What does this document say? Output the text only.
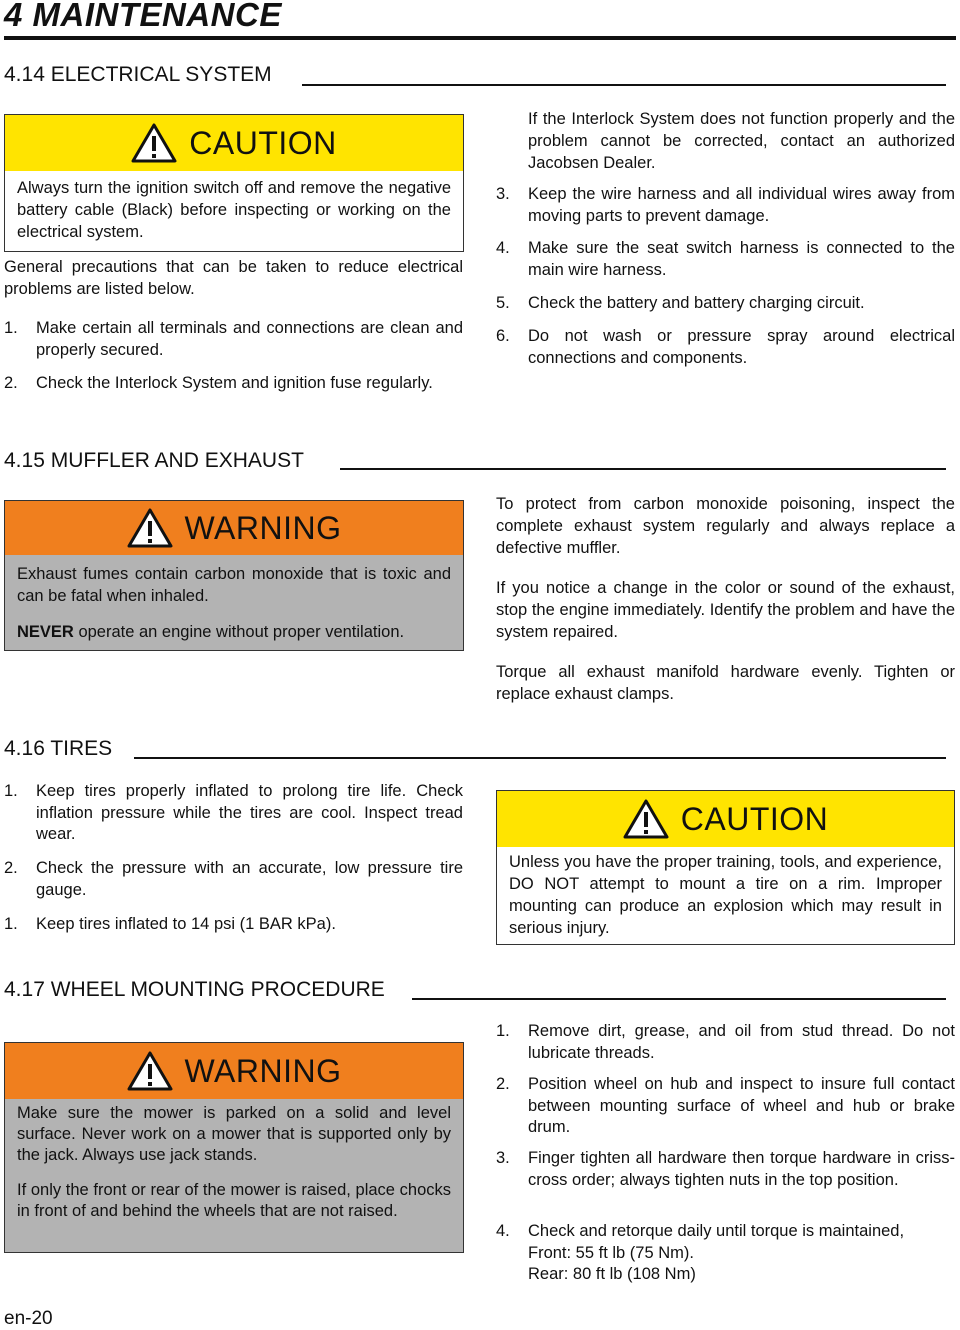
4 MAINTENANCE
4.14 ELECTRICAL SYSTEM
CAUTION
Always turn the ignition switch off and remove the negative battery cable (Black) before inspecting or working on the electrical system.
General precautions that can be taken to reduce electrical problems are listed below.
1. Make certain all terminals and connections are clean and properly secured.
2. Check the Interlock System and ignition fuse regularly.
If the Interlock System does not function properly and the problem cannot be corrected, contact an authorized Jacobsen Dealer.
3. Keep the wire harness and all individual wires away from moving parts to prevent damage.
4. Make sure the seat switch harness is connected to the main wire harness.
5. Check the battery and battery charging circuit.
6. Do not wash or pressure spray around electrical connections and components.
4.15 MUFFLER AND EXHAUST
WARNING

Exhaust fumes contain carbon monoxide that is toxic and can be fatal when inhaled.

NEVER operate an engine without proper ventilation.

To protect from carbon monoxide poisoning, inspect the complete exhaust system regularly and always replace a defective muffler.
If you notice a change in the color or sound of the exhaust, stop the engine immediately. Identify the problem and have the system repaired.
Torque all exhaust manifold hardware evenly. Tighten or replace exhaust clamps.
4.16 TIRES
1. Keep tires properly inflated to prolong tire life. Check inflation pressure while the tires are cool. Inspect tread wear.
2. Check the pressure with an accurate, low pressure tire gauge.
1. Keep tires inflated to 14 psi (1 BAR kPa).
CAUTION
Unless you have the proper training, tools, and experience, DO NOT attempt to mount a tire on a rim. Improper mounting can produce an explosion which may result in serious injury.
4.17 WHEEL MOUNTING PROCEDURE
WARNING

Make sure the mower is parked on a solid and level surface. Never work on a mower that is supported only by the jack. Always use jack stands.

If only the front or rear of the mower is raised, place chocks in front of and behind the wheels that are not raised.

1. Remove dirt, grease, and oil from stud thread. Do not lubricate threads.
2. Position wheel on hub and inspect to insure full contact between mounting surface of wheel and hub or brake drum.
3. Finger tighten all hardware then torque hardware in criss-cross order; always tighten nuts in the top position.
4. Check and retorque daily until torque is maintained,
Front: 55 ft lb (75 Nm).
Rear: 80 ft lb (108 Nm)
en-20
